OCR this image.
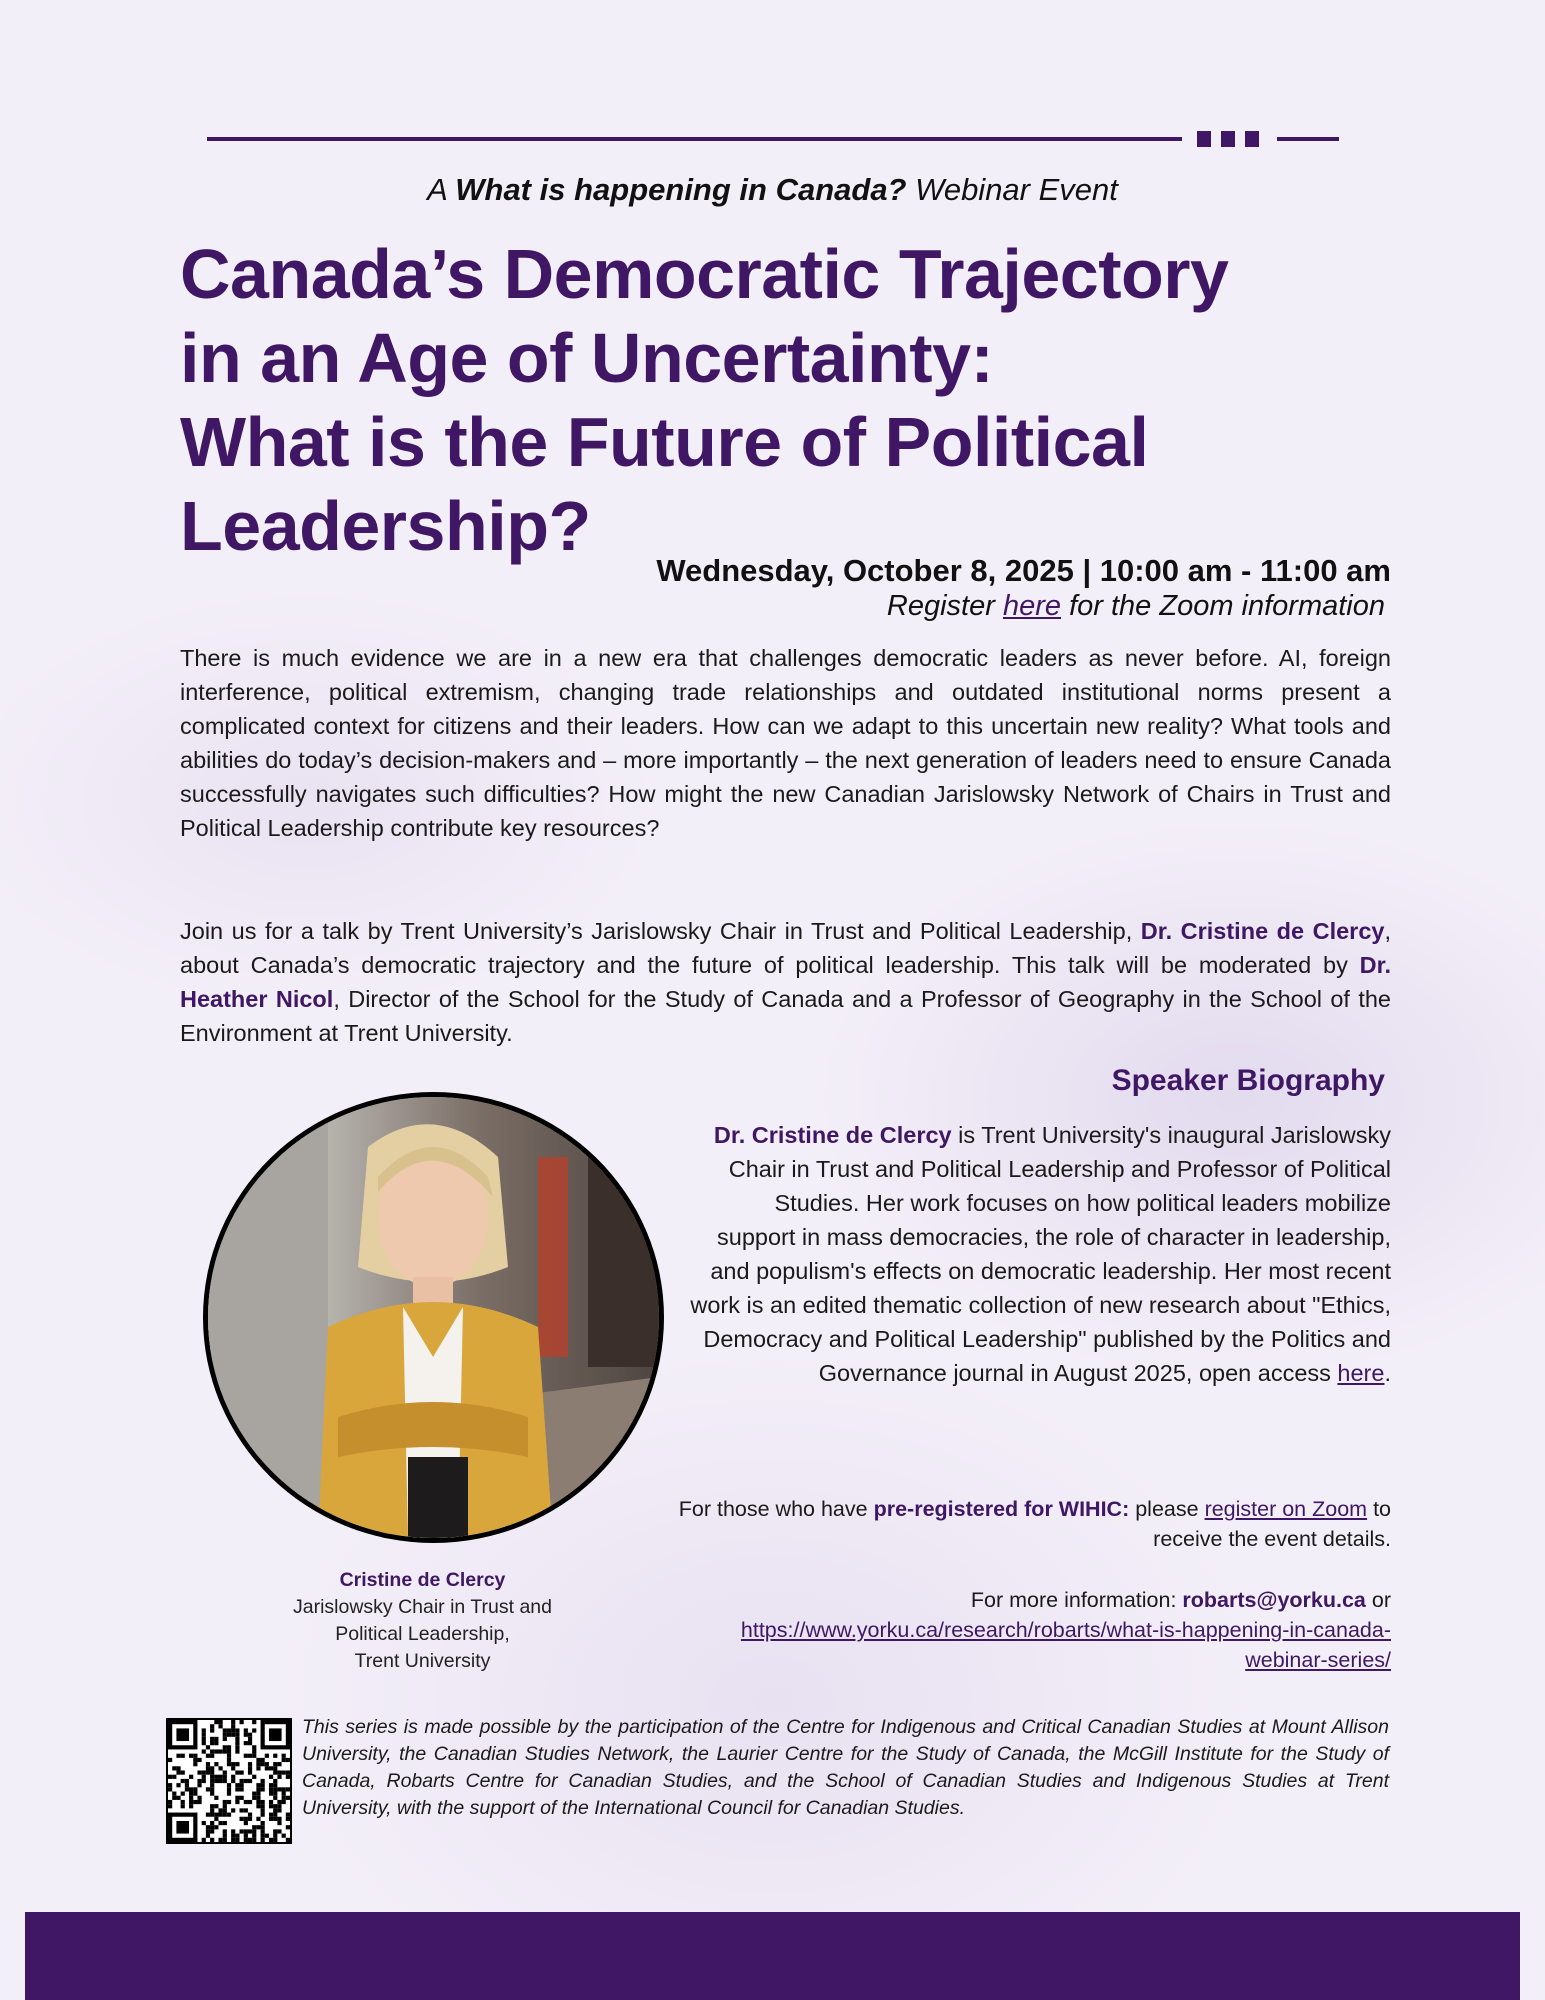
A What is happening in Canada? Webinar Event
Canada’s Democratic Trajectory
in an Age of Uncertainty:
What is the Future of Political
Leadership?
Wednesday, October 8, 2025 | 10:00 am - 11:00 am
Register here for the Zoom information

There is much evidence we are in a new era that challenges democratic leaders as never before. AI, foreign interference, political extremism, changing trade relationships and outdated institutional norms present a complicated context for citizens and their leaders. How can we adapt to this uncertain new reality? What tools and abilities do today’s decision-makers and – more importantly – the next generation of leaders need to ensure Canada successfully navigates such difficulties? How might the new Canadian Jarislowsky Network of Chairs in Trust and Political Leadership contribute key resources?

Join us for a talk by Trent University’s Jarislowsky Chair in Trust and Political Leadership, Dr. Cristine de Clercy, about Canada’s democratic trajectory and the future of political leadership. This talk will be moderated by Dr. Heather Nicol, Director of the School for the Study of Canada and a Professor of Geography in the School of the Environment at Trent University.

Speaker Biography
Dr. Cristine de Clercy is Trent University's inaugural Jarislowsky Chair in Trust and Political Leadership and Professor of Political Studies. Her work focuses on how political leaders mobilize support in mass democracies, the role of character in leadership, and populism's effects on democratic leadership. Her most recent work is an edited thematic collection of new research about "Ethics, Democracy and Political Leadership" published by the Politics and Governance journal in August 2025, open access here.
Cristine de Clercy
Jarislowsky Chair in Trust and
Political Leadership,
Trent University
For those who have pre-registered for WIHIC: please register on Zoom to receive the event details.
For more information: robarts@yorku.ca or
https://www.yorku.ca/research/robarts/what-is-happening-in-canada-webinar-series/

This series is made possible by the participation of the Centre for Indigenous and Critical Canadian Studies at Mount Allison University, the Canadian Studies Network, the Laurier Centre for the Study of Canada, the McGill Institute for the Study of Canada, Robarts Centre for Canadian Studies, and the School of Canadian Studies and Indigenous Studies at Trent University, with the support of the International Council for Canadian Studies.
